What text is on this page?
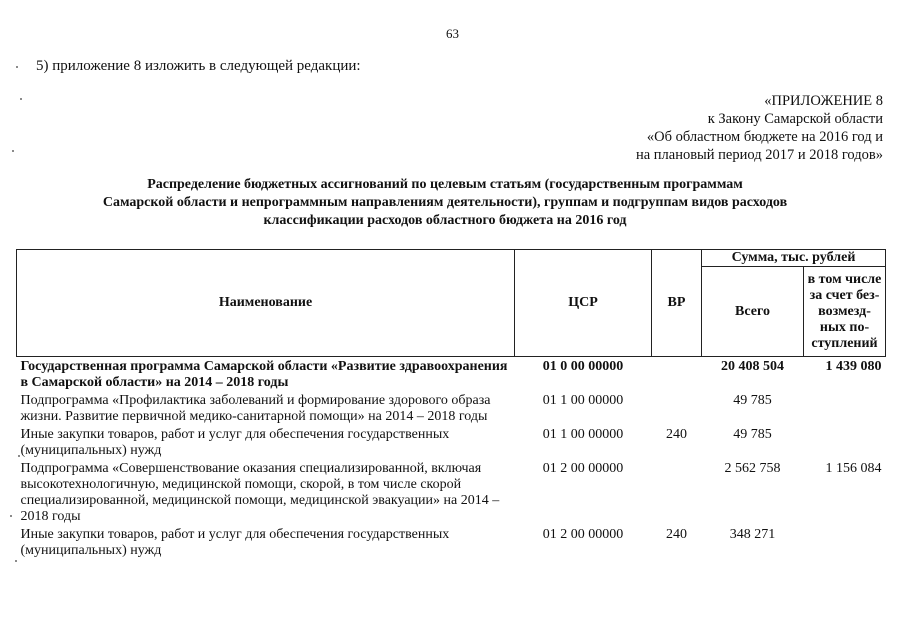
63
5) приложение 8 изложить в следующей редакции:
«ПРИЛОЖЕНИЕ 8
к Закону Самарской области
«Об областном бюджете на 2016 год и
на плановый период 2017 и 2018 годов»
Распределение бюджетных ассигнований по целевым статьям (государственным программам
Самарской области и непрограммным направлениям деятельности), группам и подгруппам видов расходов
классификации расходов областного бюджета на 2016 год
Наименование	ЦСР	ВР	Сумма, тыс. рублей	
			Всего	в том числе за счет без-возмезд-ных по-ступлений
Государственная программа Самарской области «Развитие здравоохранения в Самарской области» на 2014 – 2018 годы	01 0 00 00000		20 408 504	1 439 080
Подпрограмма «Профилактика заболеваний и формирование здорового образа жизни. Развитие первичной медико-санитарной помощи» на 2014 – 2018 годы	01 1 00 00000		49 785	
Иные закупки товаров, работ и услуг для обеспечения государственных (муниципальных) нужд	01 1 00 00000	240	49 785	
Подпрограмма «Совершенствование оказания специализированной, включая высокотехнологичную, медицинской помощи, скорой, в том числе скорой специализированной, медицинской помощи, медицинской эвакуации» на 2014 – 2018 годы	01 2 00 00000		2 562 758	1 156 084
Иные закупки товаров, работ и услуг для обеспечения государственных (муниципальных) нужд	01 2 00 00000	240	348 271	
